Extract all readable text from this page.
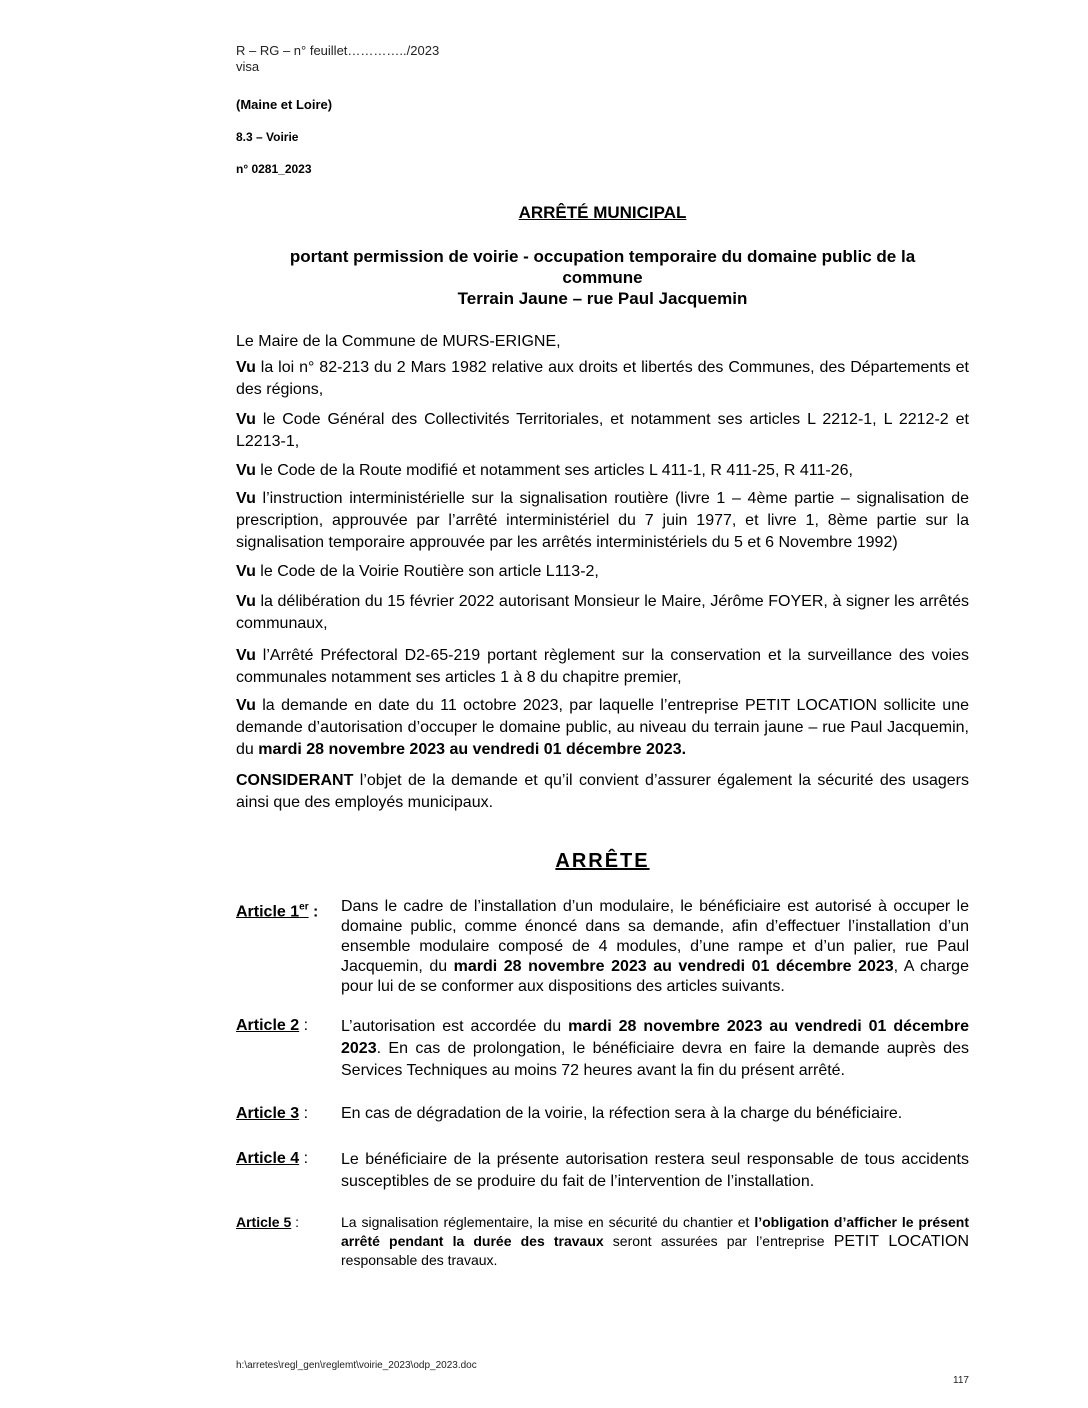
R – RG – n° feuillet…………../2023
visa
(Maine et Loire)
8.3 – Voirie
n° 0281_2023
ARRÊTÉ MUNICIPAL
portant permission de voirie - occupation temporaire du domaine public de la
commune
Terrain Jaune – rue Paul Jacquemin
Le Maire de la Commune de MURS-ERIGNE,
Vu la loi n° 82-213 du 2 Mars 1982 relative aux droits et libertés des Communes, des Départements et des régions,
Vu le Code Général des Collectivités Territoriales, et notamment ses articles L 2212-1, L 2212-2 et L2213-1,
Vu le Code de la Route modifié et notamment ses articles L 411-1, R 411-25, R 411-26,
Vu l’instruction interministérielle sur la signalisation routière (livre 1 – 4ème partie – signalisation de prescription, approuvée par l’arrêté interministériel du 7 juin 1977, et livre 1, 8ème partie sur la signalisation temporaire approuvée par les arrêtés interministériels du 5 et 6 Novembre 1992)
Vu le Code de la Voirie Routière son article L113-2,
Vu la délibération du 15 février 2022 autorisant Monsieur le Maire, Jérôme FOYER, à signer les arrêtés communaux,
Vu l’Arrêté Préfectoral D2-65-219 portant règlement sur la conservation et la surveillance des voies communales notamment ses articles 1 à 8 du chapitre premier,
Vu la demande en date du 11 octobre 2023, par laquelle l’entreprise PETIT LOCATION sollicite une demande d’autorisation d’occuper le domaine public, au niveau du terrain jaune – rue Paul Jacquemin, du mardi 28 novembre 2023 au vendredi 01 décembre 2023.
CONSIDERANT l’objet de la demande et qu’il convient d’assurer également la sécurité des usagers ainsi que des employés municipaux.
ARRÊTE
Article 1er : Dans le cadre de l’installation d’un modulaire, le bénéficiaire est autorisé à occuper le domaine public, comme énoncé dans sa demande, afin d’effectuer l’installation d’un ensemble modulaire composé de 4 modules, d’une rampe et d’un palier, rue Paul Jacquemin, du mardi 28 novembre 2023 au vendredi 01 décembre 2023, A charge pour lui de se conformer aux dispositions des articles suivants.
Article 2 : L’autorisation est accordée du mardi 28 novembre 2023 au vendredi 01 décembre 2023. En cas de prolongation, le bénéficiaire devra en faire la demande auprès des Services Techniques au moins 72 heures avant la fin du présent arrêté.
Article 3 : En cas de dégradation de la voirie, la réfection sera à la charge du bénéficiaire.
Article 4 : Le bénéficiaire de la présente autorisation restera seul responsable de tous accidents susceptibles de se produire du fait de l’intervention de l’installation.
Article 5 :	La signalisation réglementaire, la mise en sécurité du chantier et l’obligation d’afficher le présent arrêté pendant la durée des travaux seront assurées par l’entreprise PETIT LOCATION responsable des travaux.
h:\arretes\regl_gen\reglemt\voirie_2023\odp_2023.doc
117
